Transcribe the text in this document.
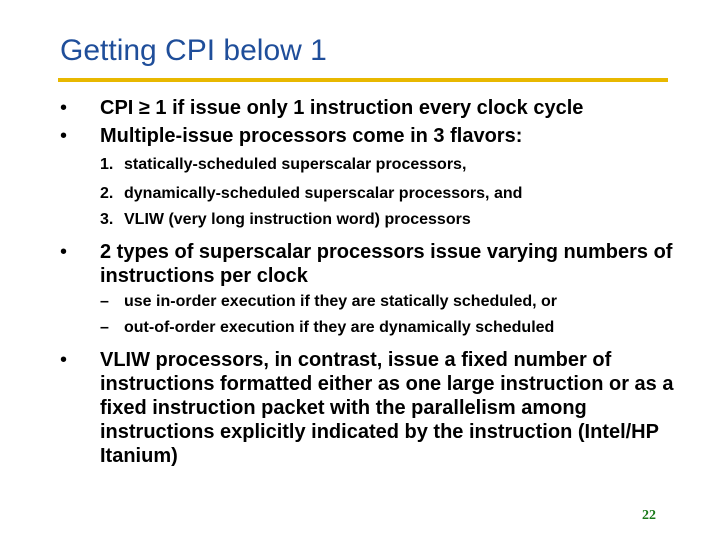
Getting CPI below 1
• CPI ≥ 1 if issue only 1 instruction every clock cycle
• Multiple-issue processors come in 3 flavors:
1. statically-scheduled superscalar processors,
2. dynamically-scheduled superscalar processors, and
3. VLIW (very long instruction word) processors
• 2 types of superscalar processors issue varying numbers of instructions per clock
– use in-order execution if they are statically scheduled, or
– out-of-order execution if they are dynamically scheduled
• VLIW processors, in contrast, issue a fixed number of instructions formatted either as one large instruction or as a fixed instruction packet with the parallelism among instructions explicitly indicated by the instruction (Intel/HP Itanium)
22
